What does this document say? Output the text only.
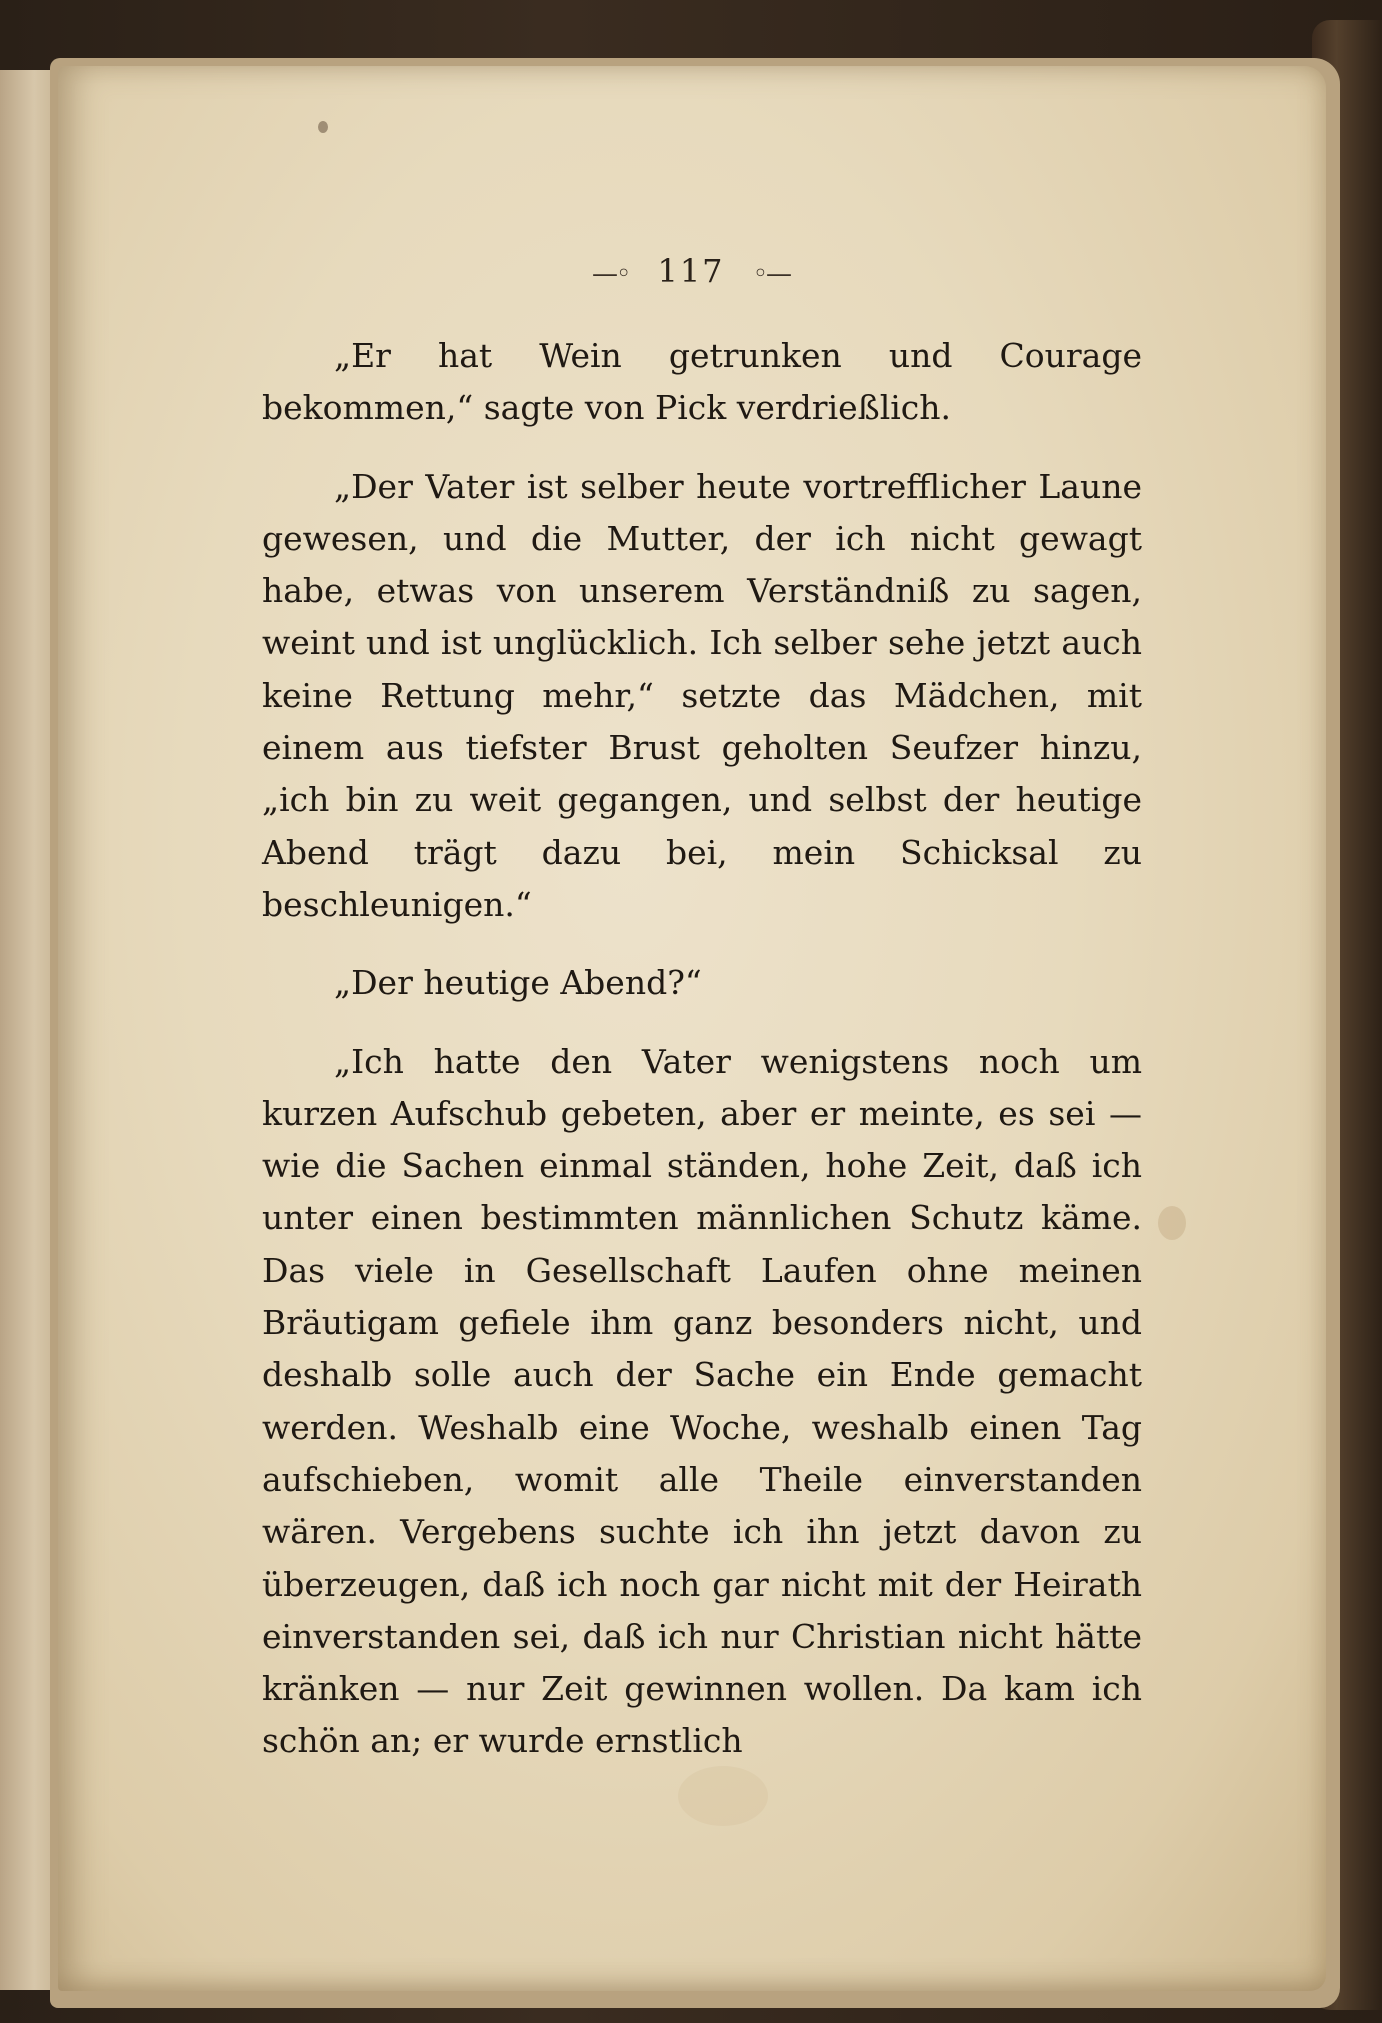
—◦ 117 ◦—

„Er hat Wein getrunken und Courage bekommen,“ sagte von Pick verdrießlich.

„Der Vater ist selber heute vortrefflicher Laune gewesen, und die Mutter, der ich nicht gewagt habe, etwas von unserem Verständniß zu sagen, weint und ist unglücklich. Ich selber sehe jetzt auch keine Rettung mehr,“ setzte das Mädchen, mit einem aus tiefster Brust geholten Seufzer hinzu, „ich bin zu weit gegangen, und selbst der heutige Abend trägt dazu bei, mein Schicksal zu beschleunigen.“

„Der heutige Abend?“

„Ich hatte den Vater wenigstens noch um kurzen Aufschub gebeten, aber er meinte, es sei — wie die Sachen einmal ständen, hohe Zeit, daß ich unter einen bestimmten männlichen Schutz käme. Das viele in Gesellschaft Laufen ohne meinen Bräutigam gefiele ihm ganz besonders nicht, und deshalb solle auch der Sache ein Ende gemacht werden. Weshalb eine Woche, weshalb einen Tag aufschieben, womit alle Theile einverstanden wären. Vergebens suchte ich ihn jetzt davon zu überzeugen, daß ich noch gar nicht mit der Heirath einverstanden sei, daß ich nur Christian nicht hätte kränken — nur Zeit gewinnen wollen. Da kam ich schön an; er wurde ernstlich
